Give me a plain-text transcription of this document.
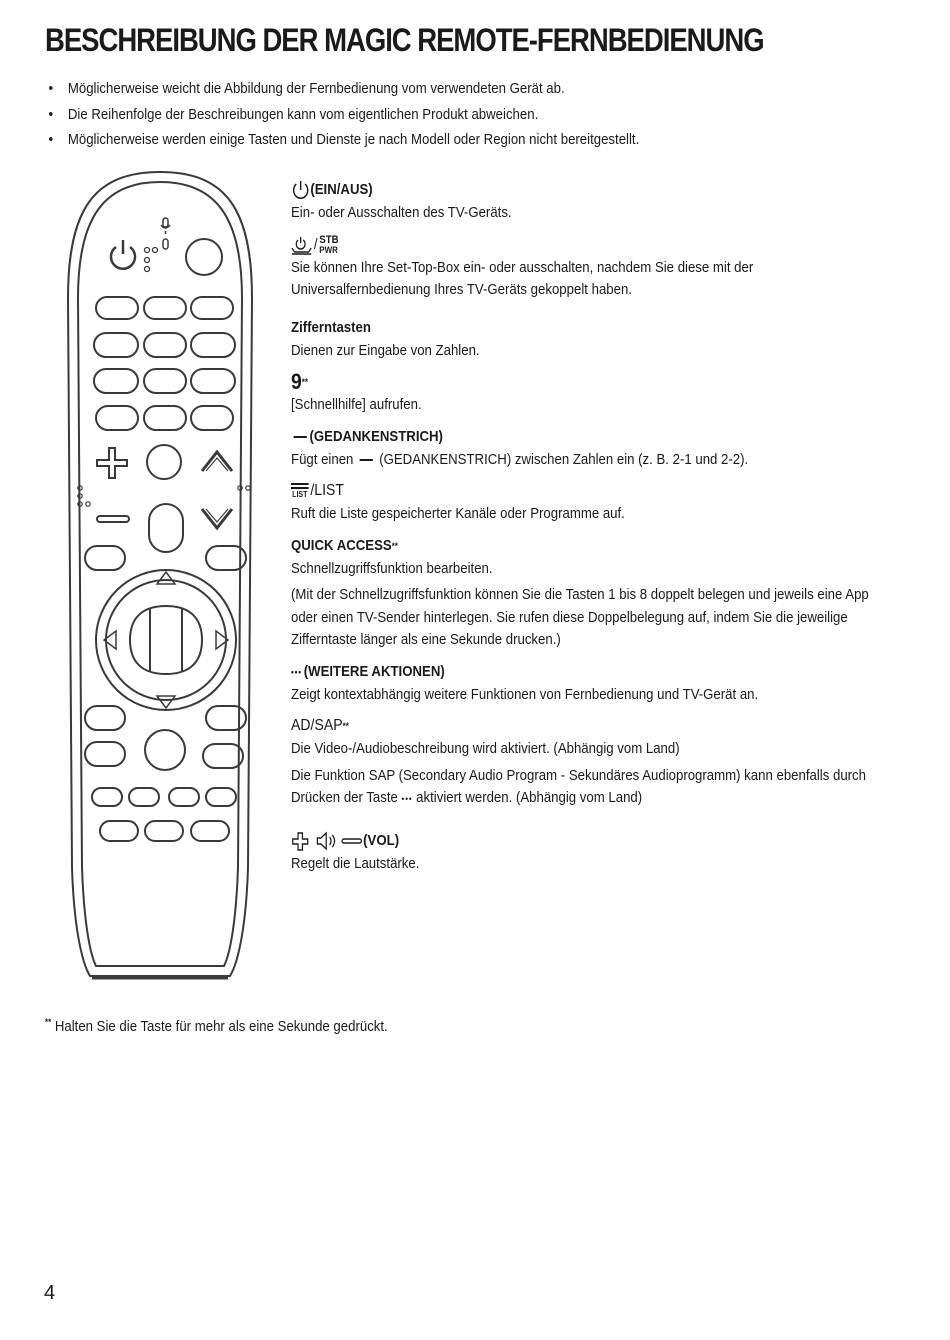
BESCHREIBUNG DER MAGIC REMOTE-FERNBEDIENUNG
• Möglicherweise weicht die Abbildung der Fernbedienung vom verwendeten Gerät ab.
• Die Reihenfolge der Beschreibungen kann vom eigentlichen Produkt abweichen.
• Möglicherweise werden einige Tasten und Dienste je nach Modell oder Region nicht bereitgestellt.
(EIN/AUS)
Ein- oder Ausschalten des TV-Geräts.
/ STB
PWR
Sie können Ihre Set-Top-Box ein- oder ausschalten, nachdem Sie diese mit der Universalfernbedienung Ihres TV-Geräts gekoppelt haben.
Zifferntasten
Dienen zur Eingabe von Zahlen.
9 **
[Schnellhilfe] aufrufen.
(GEDANKENSTRICH)
Fügt einen (GEDANKENSTRICH) zwischen Zahlen ein (z. B. 2-1 und 2-2).
LIST /LIST
Ruft die Liste gespeicherter Kanäle oder Programme auf.
QUICK ACCESS **
Schnellzugriffsfunktion bearbeiten.
(Mit der Schnellzugriffsfunktion können Sie die Tasten 1 bis 8 doppelt belegen und jeweils eine App oder einen TV-Sender hinterlegen. Sie rufen diese Doppelbelegung auf, indem Sie die jeweilige Zifferntaste länger als eine Sekunde drucken.)
••• (WEITERE AKTIONEN)
Zeigt kontextabhängig weitere Funktionen von Fernbedienung und TV-Gerät an.
AD/SAP **
Die Video-/Audiobeschreibung wird aktiviert. (Abhängig vom Land)
Die Funktion SAP (Secondary Audio Program - Sekundäres Audioprogramm) kann ebenfalls durch Drücken der Taste ••• aktiviert werden. (Abhängig vom Land)
(VOL)
Regelt die Lautstärke.
** Halten Sie die Taste für mehr als eine Sekunde gedrückt.
4
